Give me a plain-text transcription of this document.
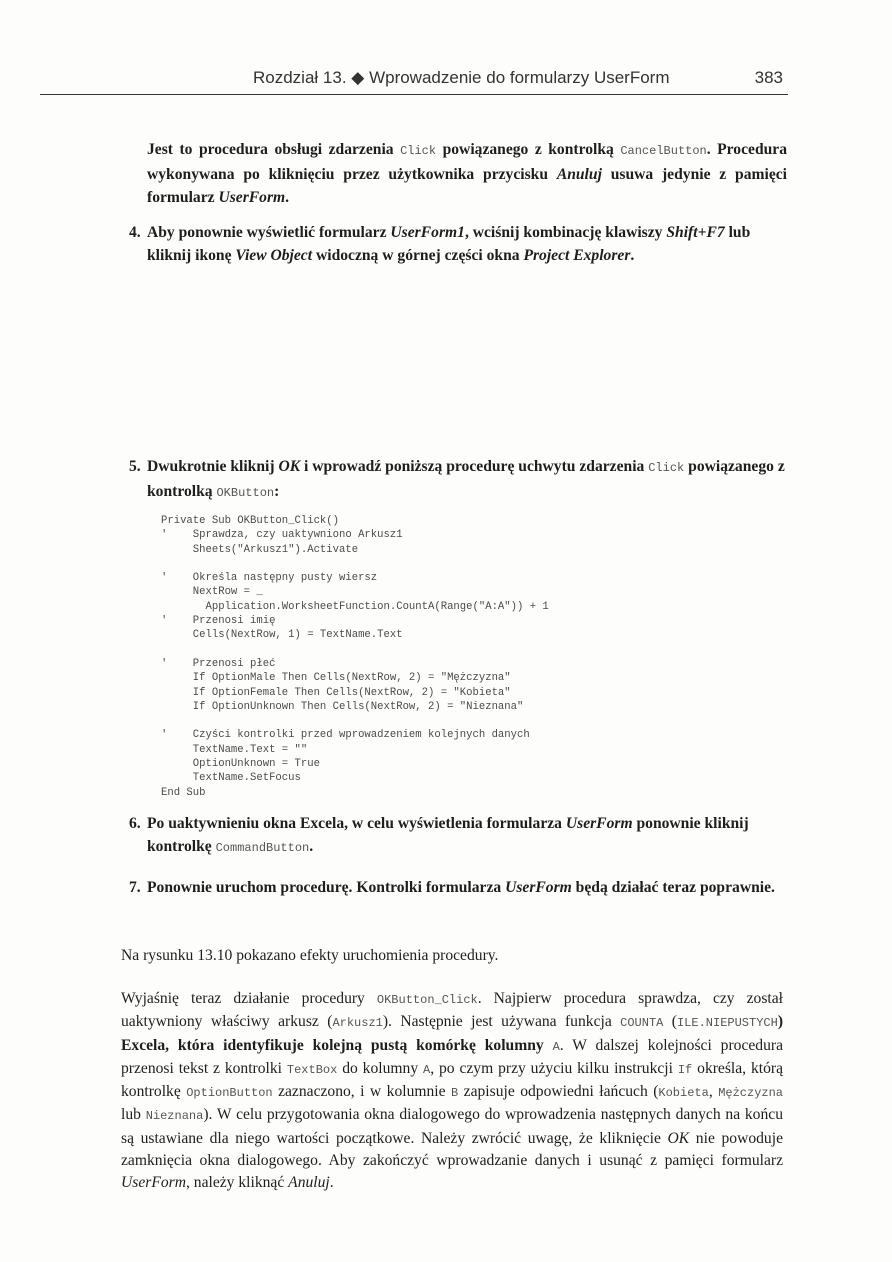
Rozdział 13. ◆ Wprowadzenie do formularzy UserForm	383

Jest to procedura obsługi zdarzenia Click powiązanego z kontrolką CancelButton. Procedura wykonywana po kliknięciu przez użytkownika przycisku Anuluj usuwa jedynie z pamięci formularz UserForm.

4. Aby ponownie wyświetlić formularz UserForm1, wciśnij kombinację klawiszy Shift+F7 lub kliknij ikonę View Object widoczną w górnej części okna Project Explorer.

5. Dwukrotnie kliknij OK i wprowadź poniższą procedurę uchwytu zdarzenia Click powiązanego z kontrolką OKButton:

Private Sub OKButton_Click()
'    Sprawdza, czy uaktywniono Arkusz1
Sheets("Arkusz1").Activate
'    Określa następny pusty wiersz
NextRow = _
Application.WorksheetFunction.CountA(Range("A:A")) + 1
'    Przenosi imię
Cells(NextRow, 1) = TextName.Text
'    Przenosi płeć
If OptionMale Then Cells(NextRow, 2) = "Mężczyzna"
If OptionFemale Then Cells(NextRow, 2) = "Kobieta"
If OptionUnknown Then Cells(NextRow, 2) = "Nieznana"
'    Czyści kontrolki przed wprowadzeniem kolejnych danych
TextName.Text = ""
OptionUnknown = True
TextName.SetFocus
End Sub
6. Po uaktywnieniu okna Excela, w celu wyświetlenia formularza UserForm ponownie kliknij kontrolkę CommandButton.

7. Ponownie uruchom procedurę. Kontrolki formularza UserForm będą działać teraz poprawnie.

Na rysunku 13.10 pokazano efekty uruchomienia procedury.

Wyjaśnię teraz działanie procedury OKButton_Click. Najpierw procedura sprawdza, czy został uaktywniony właściwy arkusz (Arkusz1). Następnie jest używana funkcja COUNTA (ILE.NIEPUSTYCH) Excela, która identyfikuje kolejną pustą komórkę kolumny A. W dalszej kolejności procedura przenosi tekst z kontrolki TextBox do kolumny A, po czym przy użyciu kilku instrukcji If określa, którą kontrolkę OptionButton zaznaczono, i w kolumnie B zapisuje odpowiedni łańcuch (Kobieta, Mężczyzna lub Nieznana). W celu przygotowania okna dialogowego do wprowadzenia następnych danych na końcu są ustawiane dla niego wartości początkowe. Należy zwrócić uwagę, że kliknięcie OK nie powoduje zamknięcia okna dialogowego. Aby zakończyć wprowadzanie danych i usunąć z pamięci formularz UserForm, należy kliknąć Anuluj.
